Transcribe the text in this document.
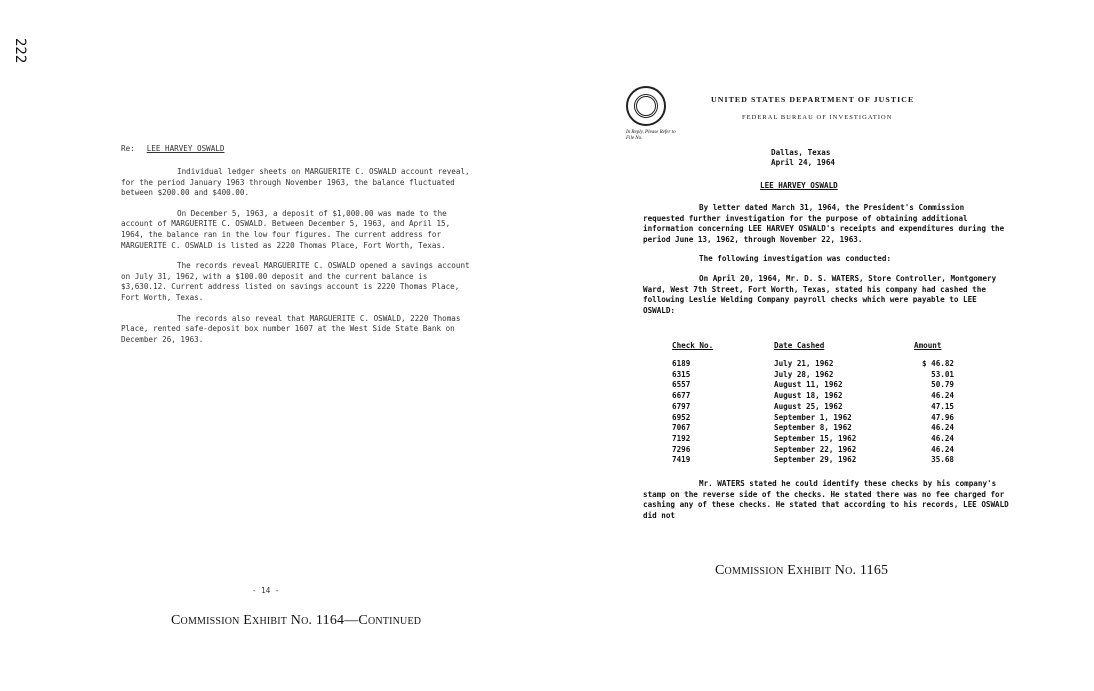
222
Re: LEE HARVEY OSWALD

Individual ledger sheets on MARGUERITE C. OSWALD account reveal, for the period January 1963 through November 1963, the balance fluctuated between $200.00 and $400.00.

On December 5, 1963, a deposit of $1,000.00 was made to the account of MARGUERITE C. OSWALD. Between December 5, 1963, and April 15, 1964, the balance ran in the low four figures. The current address for MARGUERITE C. OSWALD is listed as 2220 Thomas Place, Fort Worth, Texas.

The records reveal MARGUERITE C. OSWALD opened a savings account on July 31, 1962, with a $100.00 deposit and the current balance is $3,630.12. Current address listed on savings account is 2220 Thomas Place, Fort Worth, Texas.

The records also reveal that MARGUERITE C. OSWALD, 2220 Thomas Place, rented safe-deposit box number 1607 at the West Side State Bank on December 26, 1963.

- 14 -
Commission Exhibit No. 1164—Continued
UNITED STATES DEPARTMENT OF JUSTICE
FEDERAL BUREAU OF INVESTIGATION
In Reply, Please Refer to
File No.
Dallas, Texas
April 24, 1964
LEE HARVEY OSWALD

By letter dated March 31, 1964, the President's Commission requested further investigation for the purpose of obtaining additional information concerning LEE HARVEY OSWALD's receipts and expenditures during the period June 13, 1962, through November 22, 1963.

The following investigation was conducted:

On April 20, 1964, Mr. D. S. WATERS, Store Controller, Montgomery Ward, West 7th Street, Fort Worth, Texas, stated his company had cashed the following Leslie Welding Company payroll checks which were payable to LEE OSWALD:

Check No.	Date Cashed	Amount
6189	July 21, 1962	$ 46.82
6315	July 28, 1962	53.01
6557	August 11, 1962	50.79
6677	August 18, 1962	46.24
6797	August 25, 1962	47.15
6952	September 1, 1962	47.96
7067	September 8, 1962	46.24
7192	September 15, 1962	46.24
7296	September 22, 1962	46.24
7419	September 29, 1962	35.68

Mr. WATERS stated he could identify these checks by his company's stamp on the reverse side of the checks. He stated there was no fee charged for cashing any of these checks. He stated that according to his records, LEE OSWALD did not

Commission Exhibit No. 1165
